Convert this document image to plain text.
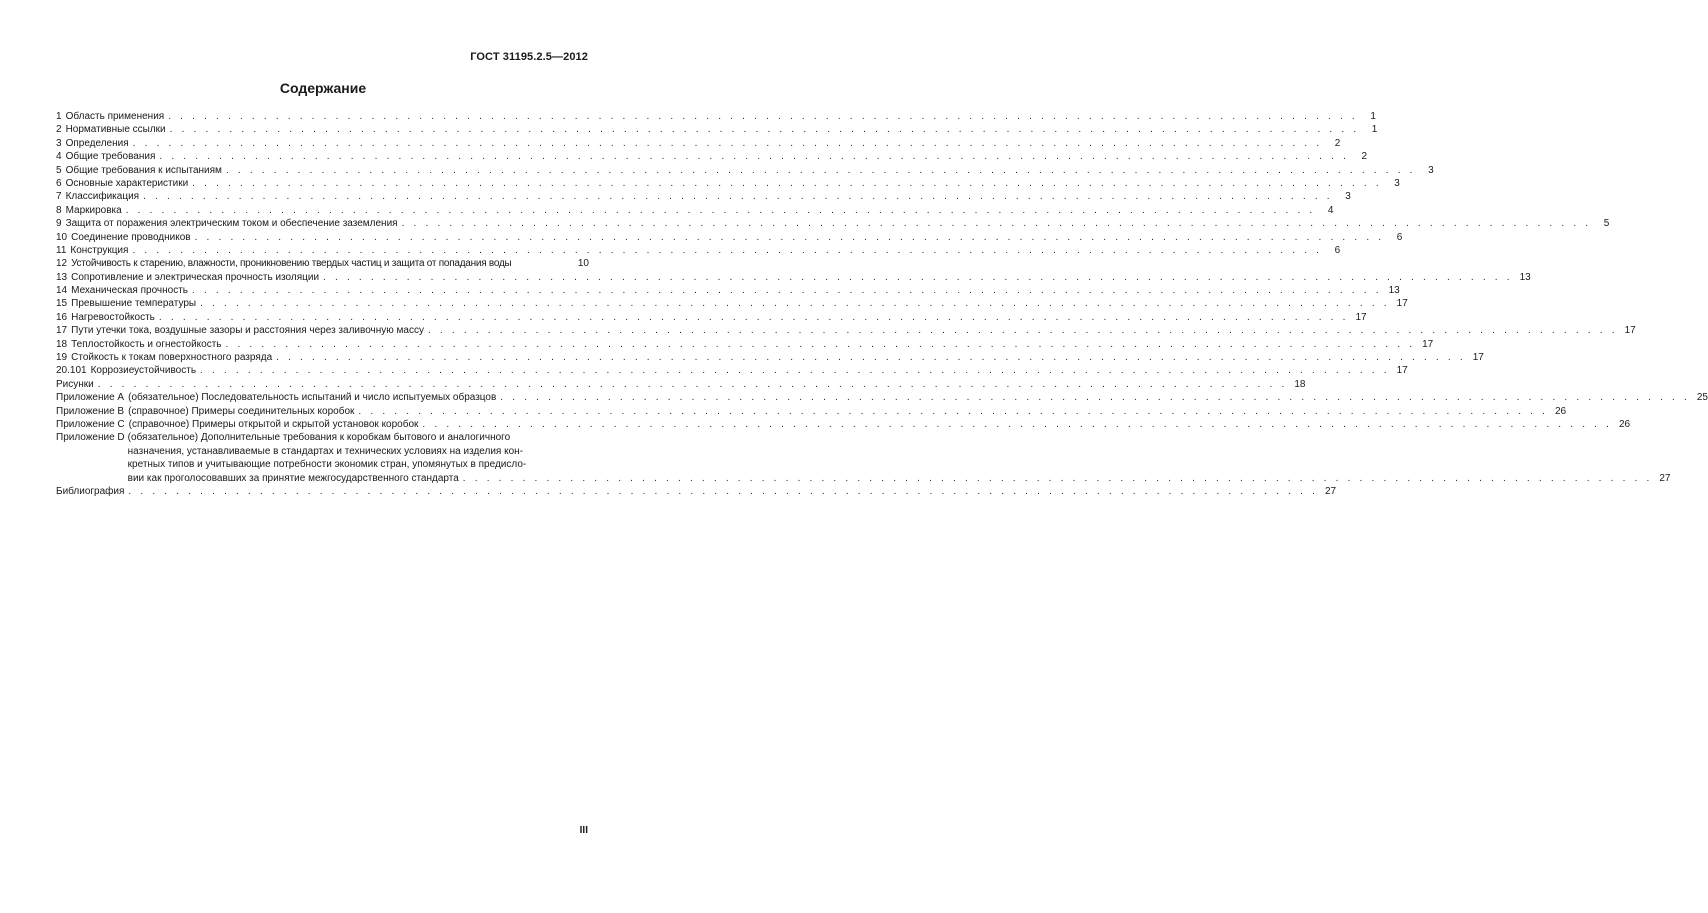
ГОСТ 31195.2.5—2012
Содержание
1 Область применения . . .	1
2 Нормативные ссылки . . .	1
3 Определения . . .	2
4 Общие требования . . .	2
5 Общие требования к испытаниям . . .	3
6 Основные характеристики . . .	3
7 Классификация . . .	3
8 Маркировка . . .	4
9 Защита от поражения электрическим током и обеспечение заземления . . .	5
10 Соединение проводников . . .	6
11 Конструкция . . .	6
12 Устойчивость к старению, влажности, проникновению твердых частиц и защита от попадания воды	10
13 Сопротивление и электрическая прочность изоляции . . .	13
14 Механическая прочность . . .	13
15 Превышение температуры . . .	17
16 Нагревостойкость . . .	17
17 Пути утечки тока, воздушные зазоры и расстояния через заливочную массу . . .	17
18 Теплостойкость и огнестойкость . . .	17
19 Стойкость к токам поверхностного разряда . . .	17
20.101 Коррозиеустойчивость . . .	17
Рисунки . . .	18
Приложение А (обязательное) Последовательность испытаний и число испытуемых образцов . . .	25
Приложение В (справочное) Примеры соединительных коробок . . .	26
Приложение С (справочное) Примеры открытой и скрытой установок коробок . . .	26
Приложение D (обязательное) Дополнительные требования к коробкам бытового и аналогичного
назначения, устанавливаемые в стандартах и технических условиях на изделия кон-
кретных типов и учитывающие потребности экономик стран, упомянутых в предисло-
вии как проголосовавших за принятие межгосударственного стандарта . . .	27
Библиография . . .	27
III
